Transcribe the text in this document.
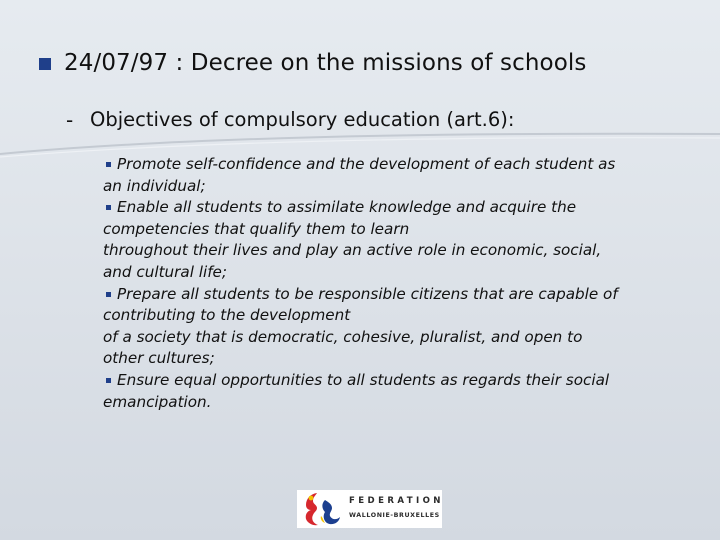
24/07/97 : Decree on the missions of schools
- Objectives of compulsory education (art.6):
Promote self-confidence and the development of each student as
an individual;
Enable all students to assimilate knowledge and acquire the
competencies that qualify them to learn
throughout their lives and play an active role in economic, social,
and cultural life;
Prepare all students to be responsible citizens that are capable of
contributing to the development
of a society that is democratic, cohesive, pluralist, and open to
other cultures;
Ensure equal opportunities to all students as regards their social
emancipation.
FEDERATION
WALLONIE-BRUXELLES
